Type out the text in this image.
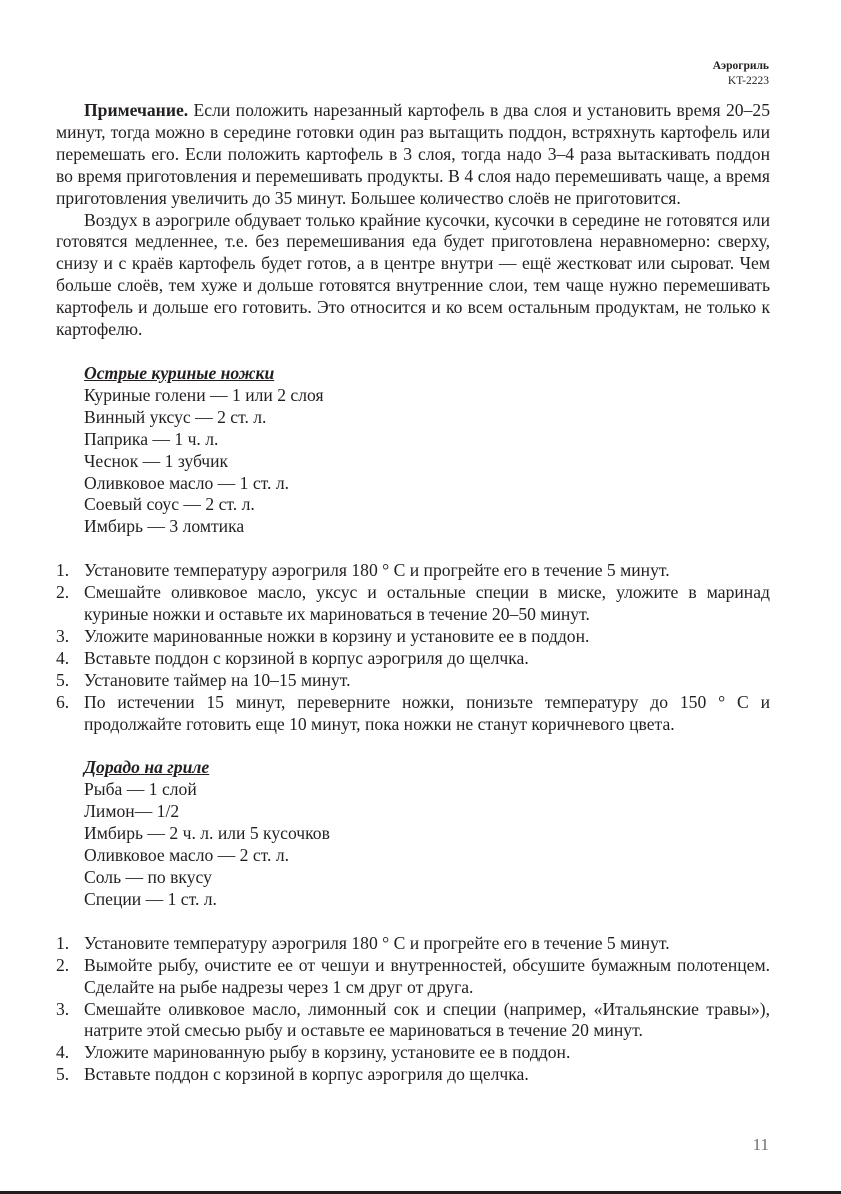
Аэрогриль
KT-2223

Примечание. Если положить нарезанный картофель в два слоя и установить время 20–25 минут, тогда можно в середине готовки один раз вытащить поддон, встряхнуть картофель или перемешать его. Если положить картофель в 3 слоя, тогда надо 3–4 раза вытаскивать поддон во время приготовления и перемешивать продукты. В 4 слоя надо перемешивать чаще, а время приготовления увеличить до 35 минут. Большее количество слоёв не приготовится.

Воздух в аэрогриле обдувает только крайние кусочки, кусочки в середине не готовятся или готовятся медленнее, т.е. без перемешивания еда будет приготовлена неравномерно: сверху, снизу и с краёв картофель будет готов, а в центре внутри — ещё жестковат или сыроват. Чем больше слоёв, тем хуже и дольше готовятся внутренние слои, тем чаще нужно перемешивать картофель и дольше его готовить. Это относится и ко всем остальным продуктам, не только к картофелю.

Острые куриные ножки

Куриные голени — 1 или 2 слоя
Винный уксус — 2 ст. л.
Паприка — 1 ч. л.
Чеснок — 1 зубчик
Оливковое масло — 1 ст. л.
Соевый соус — 2 ст. л.
Имбирь — 3 ломтика
1. Установите температуру аэрогриля 180 ° С и прогрейте его в течение 5 минут.
2. Смешайте оливковое масло, уксус и остальные специи в миске, уложите в маринад куриные ножки и оставьте их мариноваться в течение 20–50 минут.
3. Уложите маринованные ножки в корзину и установите ее в поддон.
4. Вставьте поддон с корзиной в корпус аэрогриля до щелчка.
5. Установите таймер на 10–15 минут.
6. По истечении 15 минут, переверните ножки, понизьте температуру до 150 ° С и продолжайте готовить еще 10 минут, пока ножки не станут коричневого цвета.

Дорадо на гриле

Рыба — 1 слой
Лимон— 1/2
Имбирь — 2 ч. л. или 5 кусочков
Оливковое масло — 2 ст. л.
Соль — по вкусу
Специи — 1 ст. л.
1. Установите температуру аэрогриля 180 ° С и прогрейте его в течение 5 минут.
2. Вымойте рыбу, очистите ее от чешуи и внутренностей, обсушите бумажным полотенцем. Сделайте на рыбе надрезы через 1 см друг от друга.
3. Смешайте оливковое масло, лимонный сок и специи (например, «Итальянские травы»), натрите этой смесью рыбу и оставьте ее мариноваться в течение 20 минут.
4. Уложите маринованную рыбу в корзину, установите ее в поддон.
5. Вставьте поддон с корзиной в корпус аэрогриля до щелчка.
11
